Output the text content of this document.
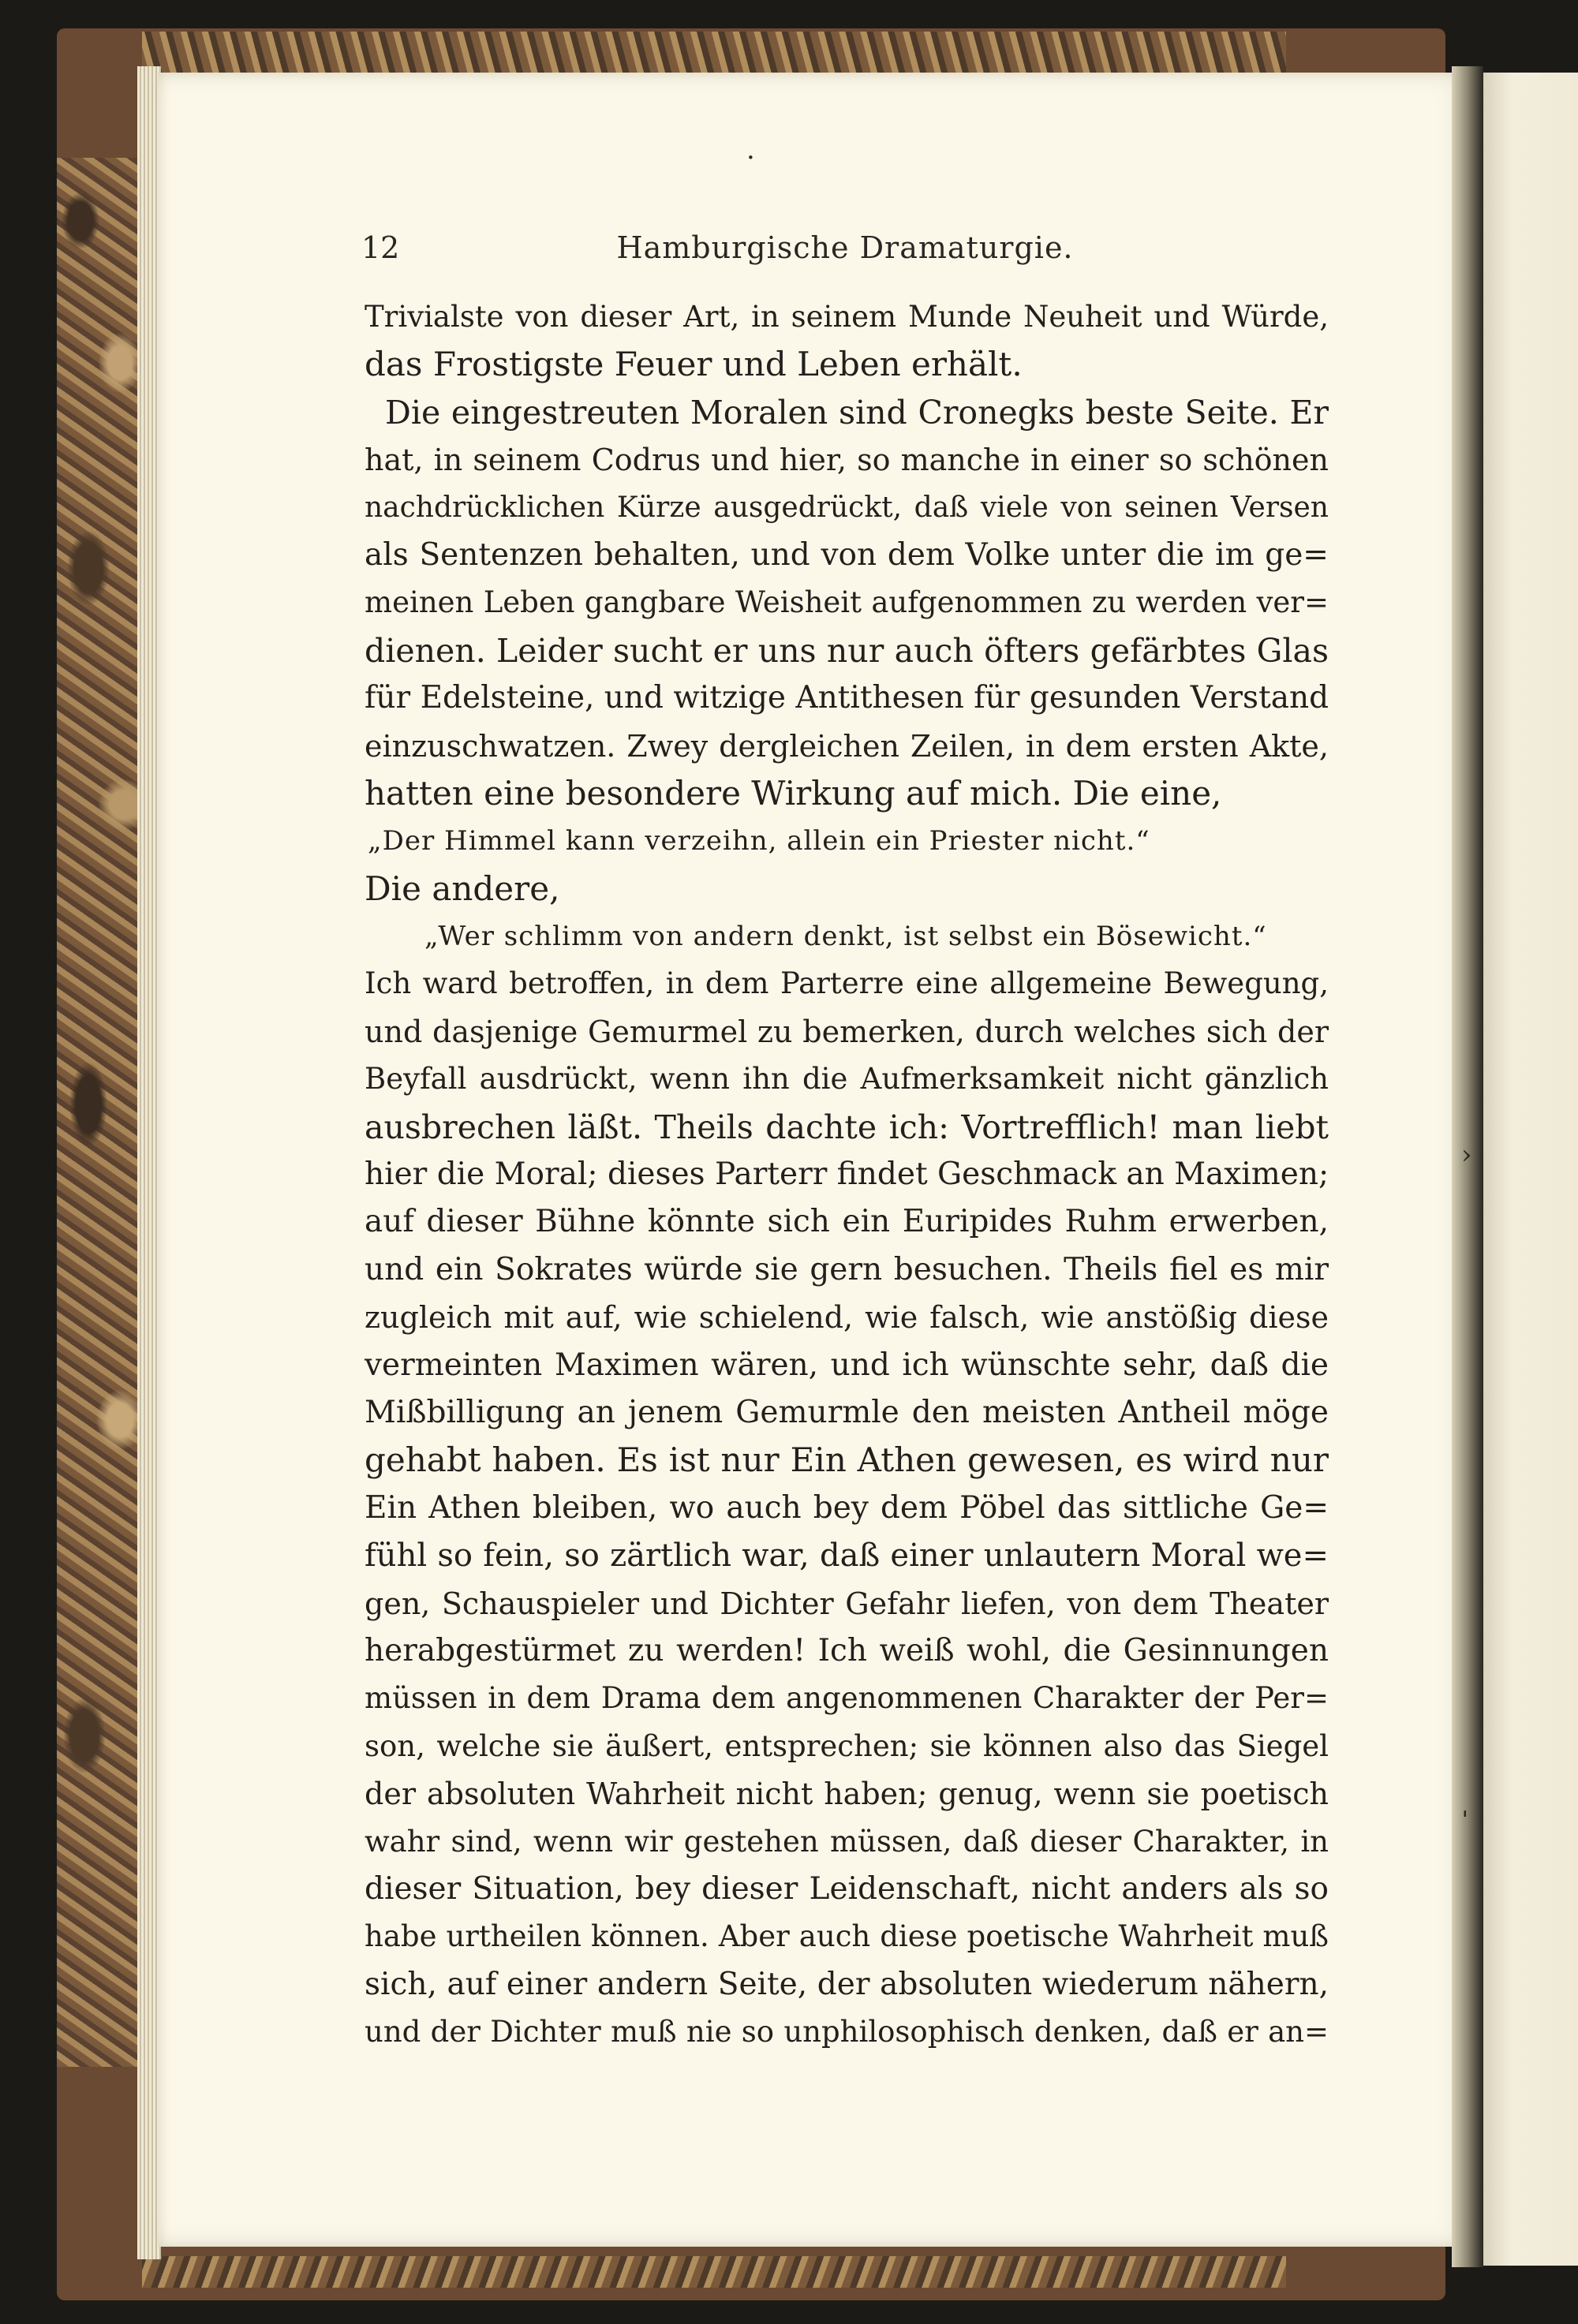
·
›
ˈ
12	Hamburgische Dramaturgie.
Trivialste von dieser Art, in seinem Munde Neuheit und Würde,
das Frostigste Feuer und Leben erhält.
Die eingestreuten Moralen sind Cronegks beste Seite. Er
hat, in seinem Codrus und hier, so manche in einer so schönen
nachdrücklichen Kürze ausgedrückt, daß viele von seinen Versen
als Sentenzen behalten, und von dem Volke unter die im ge=
meinen Leben gangbare Weisheit aufgenommen zu werden ver=
dienen. Leider sucht er uns nur auch öfters gefärbtes Glas
für Edelsteine, und witzige Antithesen für gesunden Verstand
einzuschwatzen. Zwey dergleichen Zeilen, in dem ersten Akte,
hatten eine besondere Wirkung auf mich. Die eine,
„Der Himmel kann verzeihn, allein ein Priester nicht.“
Die andere,
„Wer schlimm von andern denkt, ist selbst ein Bösewicht.“
Ich ward betroffen, in dem Parterre eine allgemeine Bewegung,
und dasjenige Gemurmel zu bemerken, durch welches sich der
Beyfall ausdrückt, wenn ihn die Aufmerksamkeit nicht gänzlich
ausbrechen läßt. Theils dachte ich: Vortrefflich! man liebt
hier die Moral; dieses Parterr findet Geschmack an Maximen;
auf dieser Bühne könnte sich ein Euripides Ruhm erwerben,
und ein Sokrates würde sie gern besuchen. Theils fiel es mir
zugleich mit auf, wie schielend, wie falsch, wie anstößig diese
vermeinten Maximen wären, und ich wünschte sehr, daß die
Mißbilligung an jenem Gemurmle den meisten Antheil möge
gehabt haben. Es ist nur Ein Athen gewesen, es wird nur
Ein Athen bleiben, wo auch bey dem Pöbel das sittliche Ge=
fühl so fein, so zärtlich war, daß einer unlautern Moral we=
gen, Schauspieler und Dichter Gefahr liefen, von dem Theater
herabgestürmet zu werden! Ich weiß wohl, die Gesinnungen
müssen in dem Drama dem angenommenen Charakter der Per=
son, welche sie äußert, entsprechen; sie können also das Siegel
der absoluten Wahrheit nicht haben; genug, wenn sie poetisch
wahr sind, wenn wir gestehen müssen, daß dieser Charakter, in
dieser Situation, bey dieser Leidenschaft, nicht anders als so
habe urtheilen können. Aber auch diese poetische Wahrheit muß
sich, auf einer andern Seite, der absoluten wiederum nähern,
und der Dichter muß nie so unphilosophisch denken, daß er an=
